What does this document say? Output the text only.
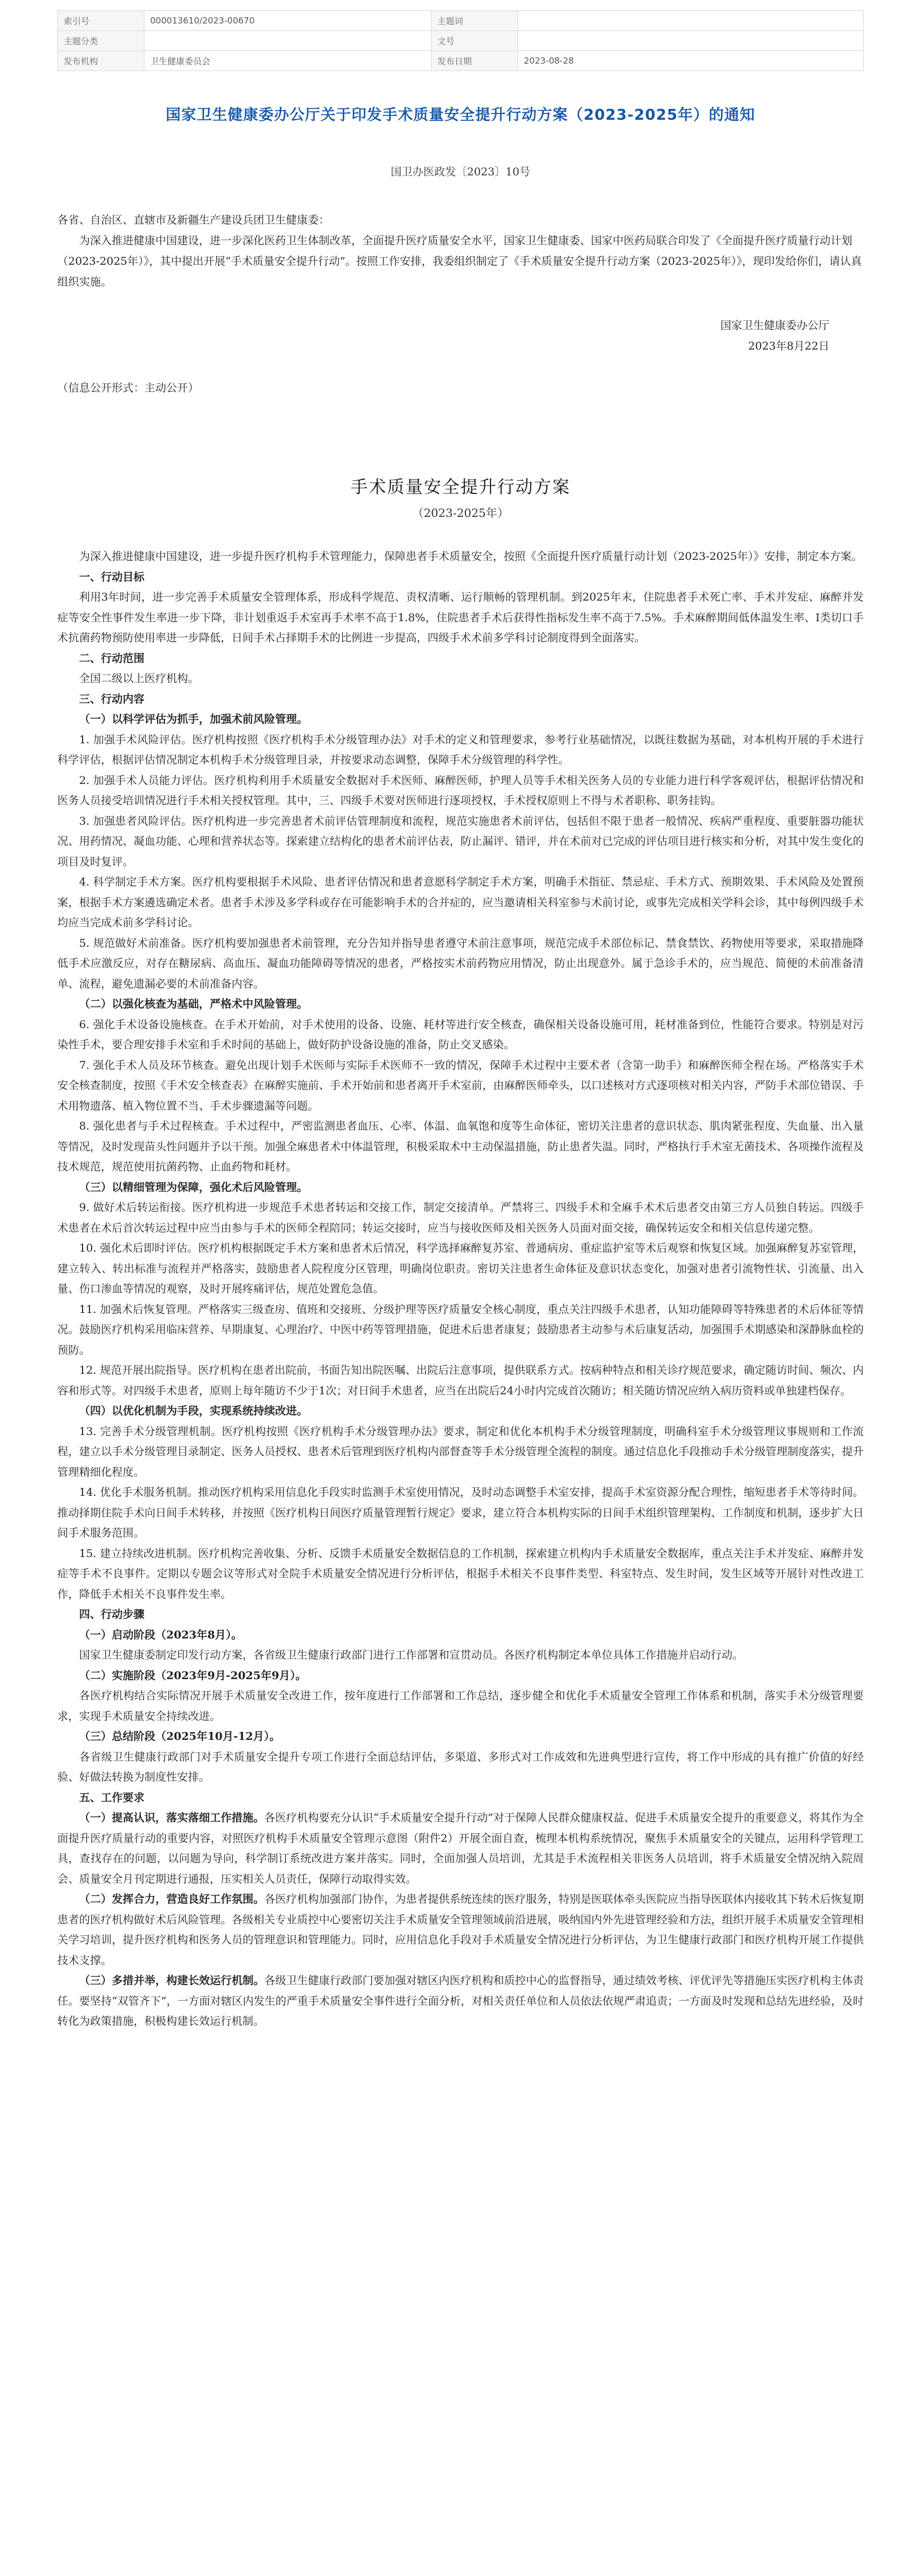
索引号	000013610/2023-00670	主题词	
主题分类		文号	
发布机构	卫生健康委员会	发布日期	2023-08-28
国家卫生健康委办公厅关于印发手术质量安全提升行动方案（2023-2025年）的通知
国卫办医政发〔2023〕10号

各省、自治区、直辖市及新疆生产建设兵团卫生健康委：

为深入推进健康中国建设，进一步深化医药卫生体制改革，全面提升医疗质量安全水平，国家卫生健康委、国家中医药局联合印发了《全面提升医疗质量行动计划（2023-2025年）》，其中提出开展“手术质量安全提升行动”。按照工作安排，我委组织制定了《手术质量安全提升行动方案（2023-2025年）》，现印发给你们，请认真组织实施。

国家卫生健康委办公厅

2023年8月22日

（信息公开形式：主动公开）
手术质量安全提升行动方案
（2023-2025年）

为深入推进健康中国建设，进一步提升医疗机构手术管理能力，保障患者手术质量安全，按照《全面提升医疗质量行动计划（2023-2025年）》安排，制定本方案。

一、行动目标

利用3年时间，进一步完善手术质量安全管理体系，形成科学规范、责权清晰、运行顺畅的管理机制。到2025年末，住院患者手术死亡率、手术并发症、麻醉并发症等安全性事件发生率进一步下降，非计划重返手术室再手术率不高于1.8%，住院患者手术后获得性指标发生率不高于7.5%。手术麻醉期间低体温发生率、I类切口手术抗菌药物预防使用率进一步降低，日间手术占择期手术的比例进一步提高，四级手术术前多学科讨论制度得到全面落实。

二、行动范围

全国二级以上医疗机构。

三、行动内容

（一）以科学评估为抓手，加强术前风险管理。

1. 加强手术风险评估。医疗机构按照《医疗机构手术分级管理办法》对手术的定义和管理要求，参考行业基础情况，以既往数据为基础，对本机构开展的手术进行科学评估，根据评估情况制定本机构手术分级管理目录，并按要求动态调整，保障手术分级管理的科学性。

2. 加强手术人员能力评估。医疗机构利用手术质量安全数据对手术医师、麻醉医师，护理人员等手术相关医务人员的专业能力进行科学客观评估，根据评估情况和医务人员接受培训情况进行手术相关授权管理。其中，三、四级手术要对医师进行逐项授权，手术授权原则上不得与术者职称、职务挂钩。

3. 加强患者风险评估。医疗机构进一步完善患者术前评估管理制度和流程，规范实施患者术前评估，包括但不限于患者一般情况、疾病严重程度、重要脏器功能状况、用药情况、凝血功能、心理和营养状态等。探索建立结构化的患者术前评估表，防止漏评、错评，并在术前对已完成的评估项目进行核实和分析，对其中发生变化的项目及时复评。

4. 科学制定手术方案。医疗机构要根据手术风险、患者评估情况和患者意愿科学制定手术方案，明确手术指征、禁忌症、手术方式、预期效果、手术风险及处置预案，根据手术方案遴选确定术者。患者手术涉及多学科或存在可能影响手术的合并症的，应当邀请相关科室参与术前讨论，或事先完成相关学科会诊，其中每例四级手术均应当完成术前多学科讨论。

5. 规范做好术前准备。医疗机构要加强患者术前管理，充分告知并指导患者遵守术前注意事项，规范完成手术部位标记、禁食禁饮、药物使用等要求，采取措施降低手术应激反应，对存在糖尿病、高血压、凝血功能障碍等情况的患者，严格按实术前药物应用情况，防止出现意外。属于急诊手术的，应当规范、简便的术前准备清单、流程，避免遗漏必要的术前准备内容。

（二）以强化核查为基础，严格术中风险管理。

6. 强化手术设备设施核查。在手术开始前，对手术使用的设备、设施、耗材等进行安全核查，确保相关设备设施可用，耗材准备到位，性能符合要求。特别是对污染性手术，要合理安排手术室和手术时间的基础上，做好防护设备设施的准备，防止交叉感染。

7. 强化手术人员及环节核查。避免出现计划手术医师与实际手术医师不一致的情况，保障手术过程中主要术者（含第一助手）和麻醉医师全程在场。严格落实手术安全核查制度，按照《手术安全核查表》在麻醉实施前、手术开始前和患者离开手术室前，由麻醉医师牵头，以口述核对方式逐项核对相关内容，严防手术部位错误、手术用物遗落、植入物位置不当、手术步骤遗漏等问题。

8. 强化患者与手术过程核查。手术过程中，严密监测患者血压、心率、体温、血氧饱和度等生命体征，密切关注患者的意识状态、肌肉紧张程度、失血量、出入量等情况，及时发现苗头性问题并予以干预。加强全麻患者术中体温管理，积极采取术中主动保温措施，防止患者失温。同时，严格执行手术室无菌技术、各项操作流程及技术规范，规范使用抗菌药物、止血药物和耗材。

（三）以精细管理为保障，强化术后风险管理。

9. 做好术后转运衔接。医疗机构进一步规范手术患者转运和交接工作，制定交接清单。严禁将三、四级手术和全麻手术术后患者交由第三方人员独自转运。四级手术患者在术后首次转运过程中应当由参与手术的医师全程陪同；转运交接时，应当与接收医师及相关医务人员面对面交接，确保转运安全和相关信息传递完整。

10. 强化术后即时评估。医疗机构根据既定手术方案和患者术后情况，科学选择麻醉复苏室、普通病房、重症监护室等术后观察和恢复区域。加强麻醉复苏室管理，建立转入、转出标准与流程并严格落实，鼓励患者人院程度分区管理，明确岗位职责。密切关注患者生命体征及意识状态变化，加强对患者引流物性状、引流量、出入量、伤口渗血等情况的观察，及时开展疼痛评估，规范处置危急值。

11. 加强术后恢复管理。严格落实三级查房、值班和交接班、分级护理等医疗质量安全核心制度，重点关注四级手术患者，认知功能障碍等特殊患者的术后体征等情况。鼓励医疗机构采用临床营养、早期康复、心理治疗、中医中药等管理措施，促进术后患者康复；鼓励患者主动参与术后康复活动，加强围手术期感染和深静脉血栓的预防。

12. 规范开展出院指导。医疗机构在患者出院前，书面告知出院医嘱、出院后注意事项，提供联系方式。按病种特点和相关诊疗规范要求，确定随访时间、频次、内容和形式等。对四级手术患者，原则上每年随访不少于1次；对日间手术患者，应当在出院后24小时内完成首次随访；相关随访情况应纳入病历资料或单独建档保存。

（四）以优化机制为手段，实现系统持续改进。

13. 完善手术分级管理机制。医疗机构按照《医疗机构手术分级管理办法》要求，制定和优化本机构手术分级管理制度，明确科室手术分级管理议事规则和工作流程，建立以手术分级管理目录制定、医务人员授权、患者术后管理到医疗机构内部督查等手术分级管理全流程的制度。通过信息化手段推动手术分级管理制度落实，提升管理精细化程度。

14. 优化手术服务机制。推动医疗机构采用信息化手段实时监测手术室使用情况，及时动态调整手术室安排，提高手术室资源分配合理性，缩短患者手术等待时间。推动择期住院手术向日间手术转移，并按照《医疗机构日间医疗质量管理暂行规定》要求，建立符合本机构实际的日间手术组织管理架构、工作制度和机制，逐步扩大日间手术服务范围。

15. 建立持续改进机制。医疗机构完善收集、分析、反馈手术质量安全数据信息的工作机制，探索建立机构内手术质量安全数据库，重点关注手术并发症、麻醉并发症等手术不良事件。定期以专题会议等形式对全院手术质量安全情况进行分析评估，根据手术相关不良事件类型、科室特点、发生时间，发生区域等开展针对性改进工作，降低手术相关不良事件发生率。

四、行动步骤

（一）启动阶段（2023年8月）。

国家卫生健康委制定印发行动方案，各省级卫生健康行政部门进行工作部署和宣贯动员。各医疗机构制定本单位具体工作措施并启动行动。

（二）实施阶段（2023年9月-2025年9月）。

各医疗机构结合实际情况开展手术质量安全改进工作，按年度进行工作部署和工作总结，逐步健全和优化手术质量安全管理工作体系和机制，落实手术分级管理要求，实现手术质量安全持续改进。

（三）总结阶段（2025年10月-12月）。

各省级卫生健康行政部门对手术质量安全提升专项工作进行全面总结评估，多渠道、多形式对工作成效和先进典型进行宣传，将工作中形成的具有推广价值的好经验、好做法转换为制度性安排。

五、工作要求

（一）提高认识，落实落细工作措施。各医疗机构要充分认识“手术质量安全提升行动”对于保障人民群众健康权益、促进手术质量安全提升的重要意义，将其作为全面提升医疗质量行动的重要内容，对照医疗机构手术质量安全管理示意图（附件2）开展全面自查，梳理本机构系统情况，聚焦手术质量安全的关键点，运用科学管理工具，查找存在的问题，以问题为导向，科学制订系统改进方案并落实。同时，全面加强人员培训，尤其是手术流程相关非医务人员培训，将手术质量安全情况纳入院周会、质量安全月刊定期进行通报，压实相关人员责任，保障行动取得实效。

（二）发挥合力，营造良好工作氛围。各医疗机构加强部门协作，为患者提供系统连续的医疗服务，特别是医联体牵头医院应当指导医联体内接收其下转术后恢复期患者的医疗机构做好术后风险管理。各级相关专业质控中心要密切关注手术质量安全管理领域前沿进展，吸纳国内外先进管理经验和方法，组织开展手术质量安全管理相关学习培训，提升医疗机构和医务人员的管理意识和管理能力。同时，应用信息化手段对手术质量安全情况进行分析评估，为卫生健康行政部门和医疗机构开展工作提供技术支撑。

（三）多措并举，构建长效运行机制。各级卫生健康行政部门要加强对辖区内医疗机构和质控中心的监督指导，通过绩效考核、评优评先等措施压实医疗机构主体责任。要坚持“双管齐下”，一方面对辖区内发生的严重手术质量安全事件进行全面分析，对相关责任单位和人员依法依规严肃追责；一方面及时发现和总结先进经验，及时转化为政策措施，积极构建长效运行机制。
